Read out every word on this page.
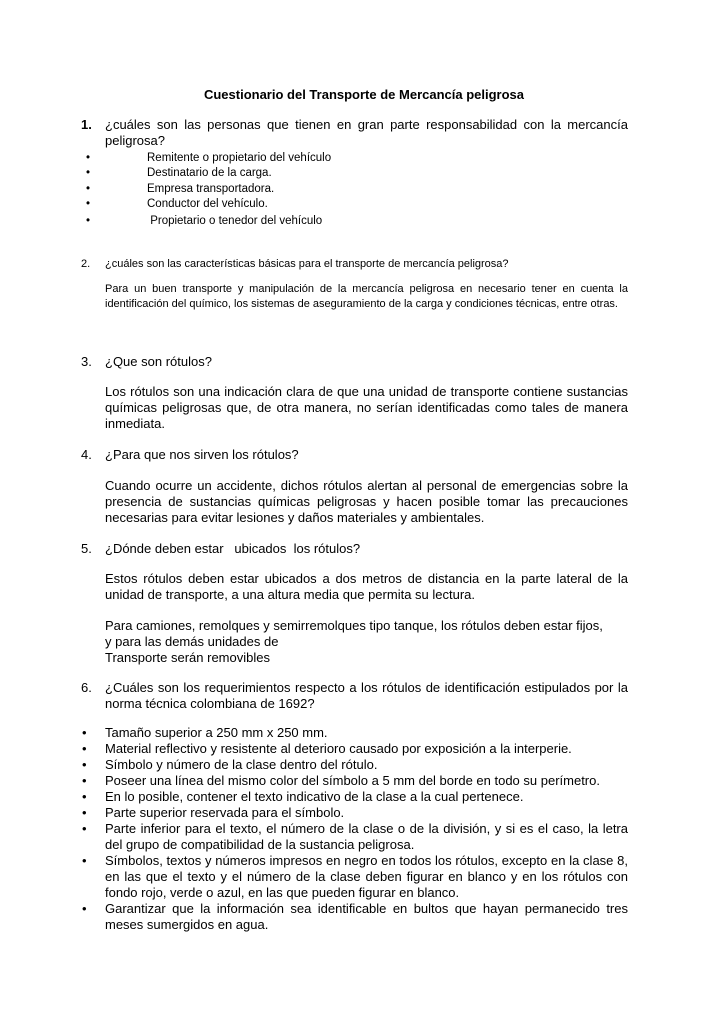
Cuestionario del Transporte de Mercancía peligrosa
1. ¿cuáles son las personas que tienen en gran parte responsabilidad con la mercancía peligrosa?
•	Remitente o propietario del vehículo
•	Destinatario de la carga.
•	Empresa transportadora.
•	Conductor del vehículo.
•	Propietario o tenedor del vehículo
2. ¿cuáles son las características básicas para el transporte de mercancía peligrosa?
Para un buen transporte y manipulación de la mercancía peligrosa en necesario tener en cuenta la identificación del químico, los sistemas de aseguramiento de la carga y condiciones técnicas, entre otras.
3. ¿Que son rótulos?
Los rótulos son una indicación clara de que una unidad de transporte contiene sustancias químicas peligrosas que, de otra manera, no serían identificadas como tales de manera inmediata.
4. ¿Para que nos sirven los rótulos?
Cuando ocurre un accidente, dichos rótulos alertan al personal de emergencias sobre la presencia de sustancias químicas peligrosas y hacen posible tomar las precauciones necesarias para evitar lesiones y daños materiales y ambientales.
5. ¿Dónde deben estar   ubicados  los rótulos?
Estos rótulos deben estar ubicados a dos metros de distancia en la parte lateral de la unidad de transporte, a una altura media que permita su lectura.
Para camiones, remolques y semirremolques tipo tanque, los rótulos deben estar fijos,
y para las demás unidades de
Transporte serán removibles
6. ¿Cuáles son los requerimientos respecto a los rótulos de identificación estipulados por la norma técnica colombiana de 1692?
• Tamaño superior a 250 mm x 250 mm.
• Material reflectivo y resistente al deterioro causado por exposición a la interperie.
• Símbolo y número de la clase dentro del rótulo.
• Poseer una línea del mismo color del símbolo a 5 mm del borde en todo su perímetro.
• En lo posible, contener el texto indicativo de la clase a la cual pertenece.
• Parte superior reservada para el símbolo.
• Parte inferior para el texto, el número de la clase o de la división, y si es el caso, la letra del grupo de compatibilidad de la sustancia peligrosa.
• Símbolos, textos y números impresos en negro en todos los rótulos, excepto en la clase 8, en las que el texto y el número de la clase deben figurar en blanco y en los rótulos con fondo rojo, verde o azul, en las que pueden figurar en blanco.
• Garantizar que la información sea identificable en bultos que hayan permanecido tres meses sumergidos en agua.
